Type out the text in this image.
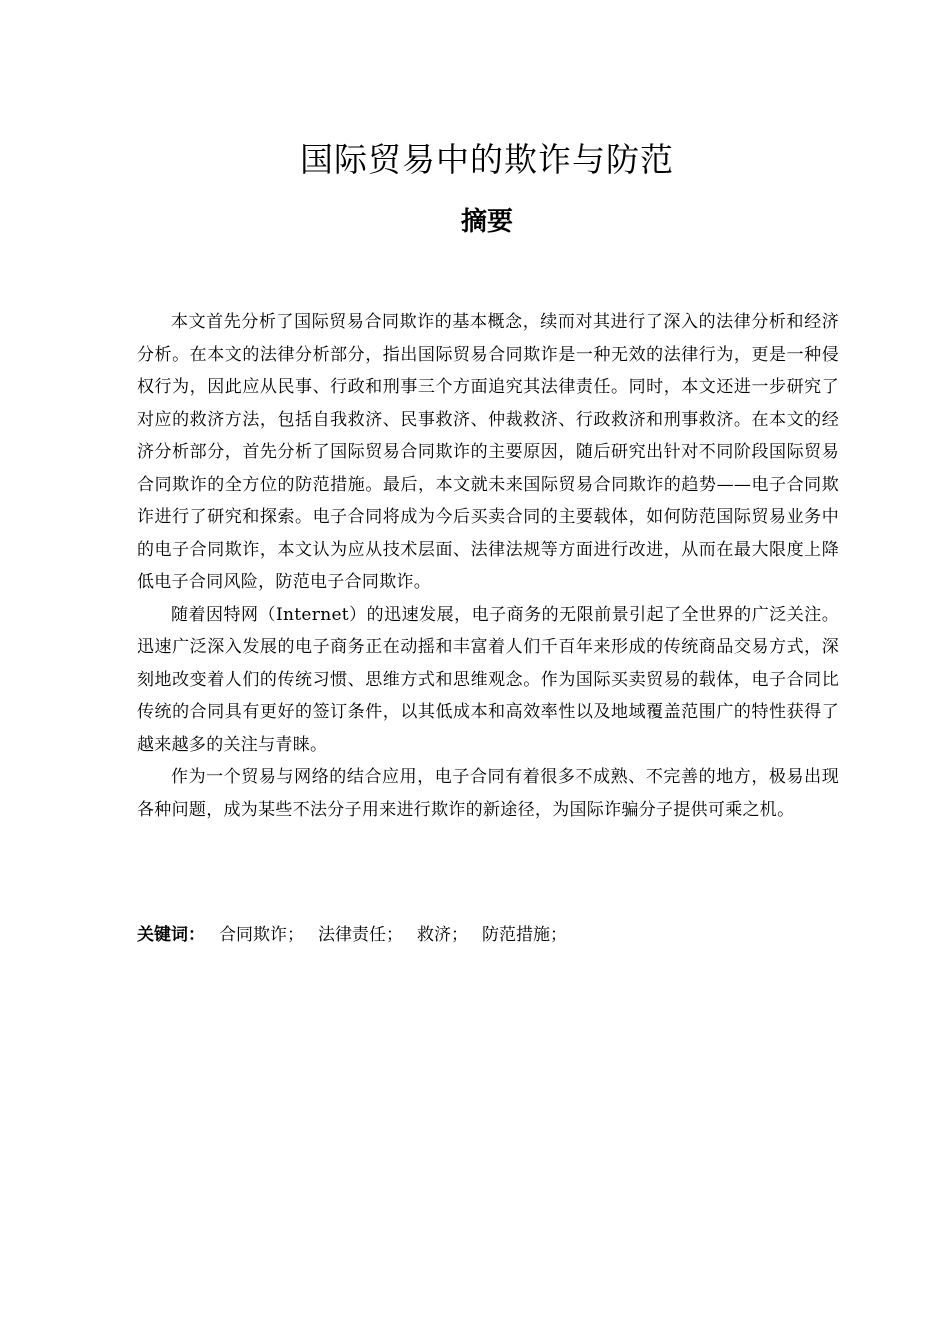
国际贸易中的欺诈与防范
摘要

本文首先分析了国际贸易合同欺诈的基本概念，续而对其进行了深入的法律分析和经济分析。在本文的法律分析部分，指出国际贸易合同欺诈是一种无效的法律行为，更是一种侵权行为，因此应从民事、行政和刑事三个方面追究其法律责任。同时，本文还进一步研究了对应的救济方法，包括自我救济、民事救济、仲裁救济、行政救济和刑事救济。在本文的经济分析部分，首先分析了国际贸易合同欺诈的主要原因，随后研究出针对不同阶段国际贸易合同欺诈的全方位的防范措施。最后，本文就未来国际贸易合同欺诈的趋势——电子合同欺诈进行了研究和探索。电子合同将成为今后买卖合同的主要载体，如何防范国际贸易业务中的电子合同欺诈，本文认为应从技术层面、法律法规等方面进行改进，从而在最大限度上降低电子合同风险，防范电子合同欺诈。

随着因特网（Internet）的迅速发展，电子商务的无限前景引起了全世界的广泛关注。迅速广泛深入发展的电子商务正在动摇和丰富着人们千百年来形成的传统商品交易方式，深刻地改变着人们的传统习惯、思维方式和思维观念。作为国际买卖贸易的载体，电子合同比传统的合同具有更好的签订条件，以其低成本和高效率性以及地域覆盖范围广的特性获得了越来越多的关注与青睐。

作为一个贸易与网络的结合应用，电子合同有着很多不成熟、不完善的地方，极易出现各种问题，成为某些不法分子用来进行欺诈的新途径，为国际诈骗分子提供可乘之机。

关键词： 合同欺诈； 法律责任； 救济； 防范措施；
